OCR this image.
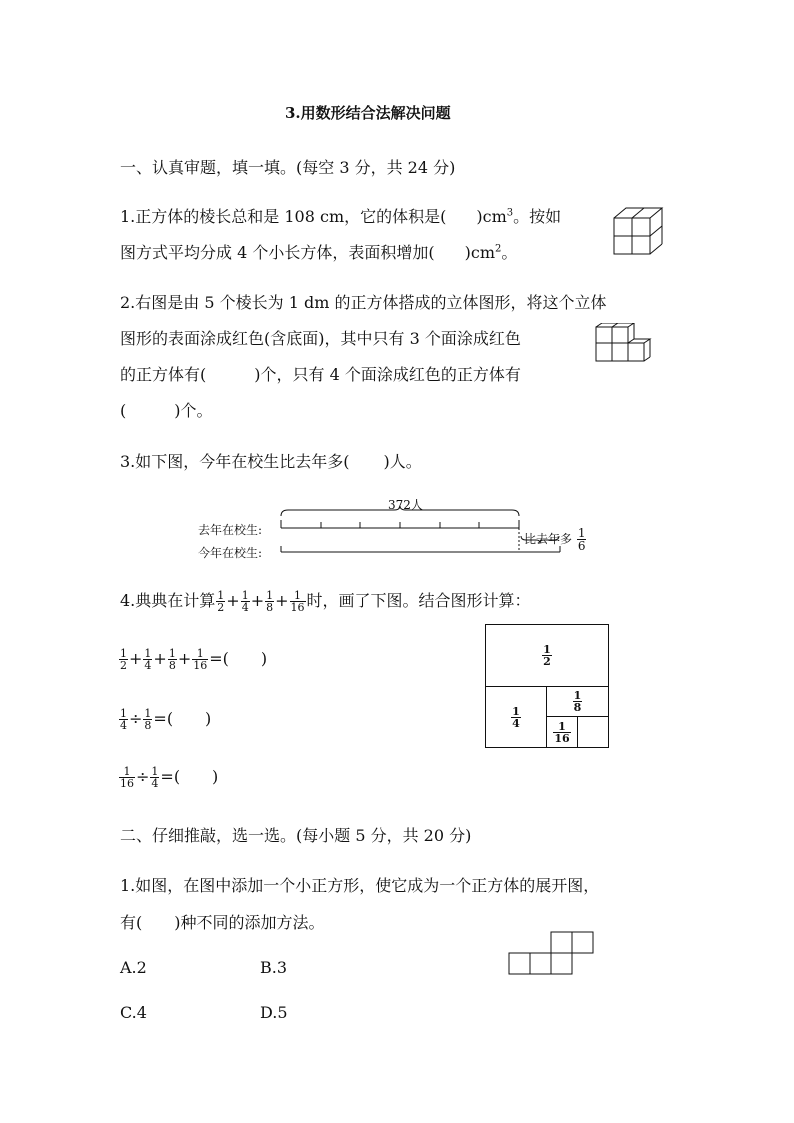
3.用数形结合法解决问题
一、认真审题，填一填。(每空 3 分，共 24 分)
1.正方体的棱长总和是 108 cm，它的体积是( )$cm^3$。按如
图方式平均分成 4 个小长方体，表面积增加( )$cm^2$。
2.右图是由 5 个棱长为 1 dm 的正方体搭成的立体图形，将这个立体
图形的表面涂成红色(含底面)，其中只有 3 个面涂成红色
的正方体有(	)个，只有 4 个面涂成红色的正方体有
(	)个。
3.如下图，今年在校生比去年多( )人。
372人
去年在校生:
今年在校生:
比去年多 $\frac{1}{6}$
4.典典在计算 $\frac{1}{2} + \frac{1}{4} + \frac{1}{8} + \frac{1}{16}$ 时，画了下图。结合图形计算：
$\frac{1}{2} + \frac{1}{4} + \frac{1}{8} + \frac{1}{16}$ =(　　)
$\frac{1}{4} \div \frac{1}{8}$ =(　　)
$\frac{1}{16} \div \frac{1}{4}$ =(　　)
$\frac{1}{2}$
$\frac{1}{4}$
$\frac{1}{8}$
$\frac{1}{16}$
二、仔细推敲，选一选。(每小题 5 分，共 20 分)
1.如图，在图中添加一个小正方形，使它成为一个正方体的展开图，
有( )种不同的添加方法。
A.2	B.3
C.4	D.5
